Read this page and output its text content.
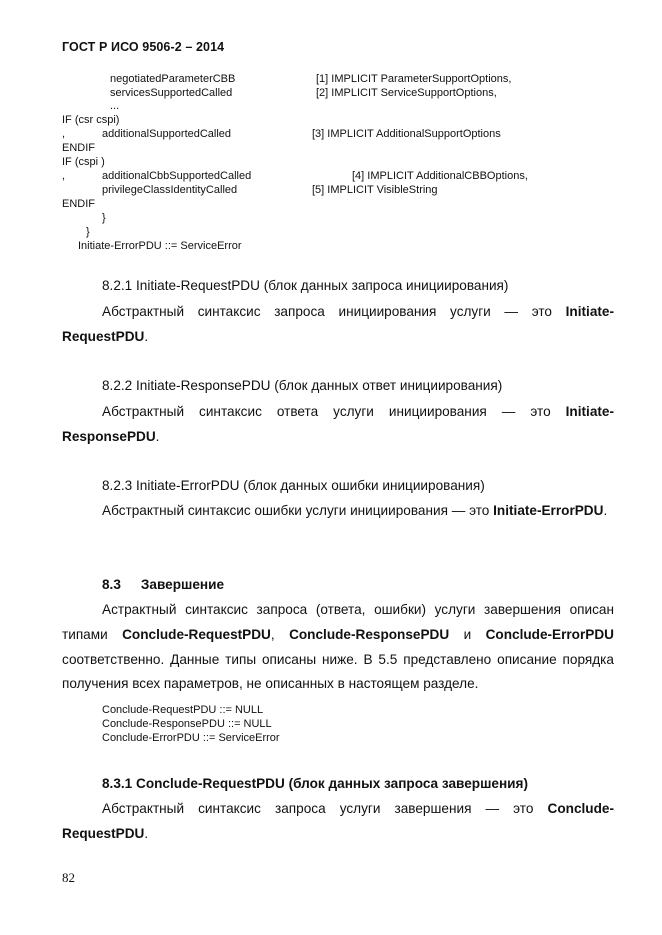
ГОСТ Р ИСО 9506-2 – 2014
negotiatedParameterCBB	[1] IMPLICIT ParameterSupportOptions,
servicesSupportedCalled	[2] IMPLICIT ServiceSupportOptions,
...
IF (csr cspi)
,	additionalSupportedCalled	[3] IMPLICIT AdditionalSupportOptions
ENDIF
IF (cspi )
,	additionalCbbSupportedCalled	[4] IMPLICIT AdditionalCBBOptions,
privilegeClassIdentityCalled	[5] IMPLICIT VisibleString
ENDIF
}
}
Initiate-ErrorPDU ::= ServiceError
8.2.1 Initiate-RequestPDU (блок данных запроса инициирования)
Абстрактный синтаксис запроса инициирования услуги — это Initiate-RequestPDU.
8.2.2 Initiate-ResponsePDU (блок данных ответ инициирования)
Абстрактный синтаксис ответа услуги инициирования — это Initiate-ResponsePDU.
8.2.3 Initiate-ErrorPDU (блок данных ошибки инициирования)
Абстрактный синтаксис ошибки услуги инициирования — это Initiate-ErrorPDU.
8.3 Завершение
Астрактный синтаксис запроса (ответа, ошибки) услуги завершения описан типами Conclude-RequestPDU, Conclude-ResponsePDU и Conclude-ErrorPDU соответственно. Данные типы описаны ниже. В 5.5 представлено описание порядка получения всех параметров, не описанных в настоящем разделе.
Conclude-RequestPDU ::= NULL
Conclude-ResponsePDU ::= NULL
Conclude-ErrorPDU ::= ServiceError
8.3.1 Conclude-RequestPDU (блок данных запроса завершения)
Абстрактный синтаксис запроса услуги завершения — это Conclude-RequestPDU.
82
